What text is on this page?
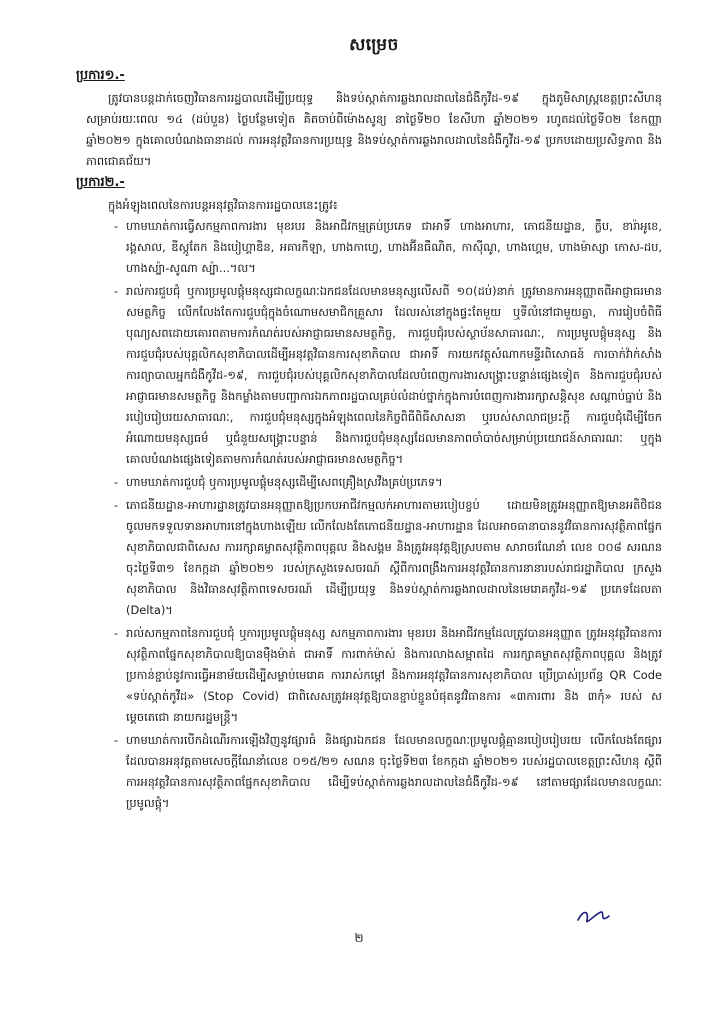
សម្រេច
ប្រការ១.-

ត្រូវបានបន្តដាក់ចេញវិធានការរដ្ឋបាលដើម្បីប្រយុទ្ធ និងទប់ស្កាត់ការឆ្លងរាលដាលនៃជំងឺកូវីដ-១៩ ក្នុងភូមិសាស្ត្រខេត្តព្រះសីហនុ សម្រាប់រយៈពេល ១៤ (ដប់បួន) ថ្ងៃបន្ថែមទៀត គិតចាប់ពីម៉ោងសូន្យ នាថ្ងៃទី២០ ខែសីហា ឆ្នាំ២០២១ រហូតដល់ថ្ងៃទី០២ ខែកញ្ញា ឆ្នាំ២០២១ ក្នុងគោលបំណងធានាដល់ ការអនុវត្តវិធានការប្រយុទ្ធ និងទប់ស្កាត់ការឆ្លងរាលដាលនៃជំងឺកូវីដ-១៩ ប្រកបដោយប្រសិទ្ធភាព និងភាពជោគជ័យ។

ប្រការ២.-
ក្នុងអំឡុងពេលនៃការបន្តអនុវត្តវិធានការរដ្ឋបាលនេះត្រូវ៖
- ហាមឃាត់ការធ្វើសកម្មភាពការងារ មុខរបរ និងអាជីវកម្មគ្រប់ប្រភេទ ជាអាទិ៍ ហាងអាហារ, ភោជនីយដ្ឋាន, ក្លឹប, ខារ៉ាអូខេ, រង្គសាល, ឌីស្កូតែក និងបៀហ្គាឌិន, អគារកីឡា, ហាងកាហ្វេ, ហាងអ៊ីនធឺណិត, កាស៊ីណូ, ហាងហ្គេម, ហាងម៉ាស្សា កោស-ដប, ហាងស្ប៉ា-សូណា ស្ប៉ា...។ល។
- រាល់ការជួបជុំ ឬការប្រមូលផ្តុំមនុស្សជាលក្ខណៈឯកជនដែលមានមនុស្សលើសពី ១០(ដប់)នាក់ ត្រូវមានការអនុញ្ញាតពីអាជ្ញាធរមានសមត្ថកិច្ច លើកលែងតែការជួបជុំក្នុងចំណោមសមាជិកគ្រួសារ ដែលរស់នៅក្នុងផ្ទះតែមួយ ឬទីលំនៅជាមួយគ្នា, ការរៀបចំពិធីបុណ្យសពដោយគោរពតាមការកំណត់របស់អាជ្ញាធរមានសមត្ថកិច្ច, ការជួបជុំរបស់ស្ថាប័នសាធារណៈ, ការប្រមូលផ្តុំមនុស្ស និងការជួបជុំរបស់បុគ្គលិកសុខាភិបាលដើម្បីអនុវត្តវិធានការសុខាភិបាល ជាអាទិ៍ ការយកវត្ថុសំណាកមន្ទីរពិសោធន៍ ការចាក់វ៉ាក់សាំង ការព្យាបាលអ្នកជំងឺកូវីដ-១៩, ការជួបជុំរបស់បុគ្គលិកសុខាភិបាលដែលបំពេញការងារសង្គ្រោះបន្ទាន់ផ្សេងទៀត និងការជួបជុំរបស់អាជ្ញាធរមានសមត្ថកិច្ច និងកម្លាំងតាមបញ្ជាការឯកភាពរដ្ឋបាលគ្រប់លំដាប់ថ្នាក់ក្នុងការបំពេញការងាររក្សាសន្តិសុខ សណ្តាប់ធ្នាប់ និងរបៀបរៀបរយសាធារណៈ, ការជួបជុំមនុស្សក្នុងអំឡុងពេលនៃកិច្ចពិធីពិធីសាសនា ឬរបស់សាលាជម្រះក្តី ការជួបជុំដើម្បីចែកអំណោយមនុស្សធម៌ ឬជំនួយសង្គ្រោះបន្ទាន់ និងការជួបជុំមនុស្សដែលមានភាពចាំបាច់សម្រាប់ប្រយោជន៍សាធារណៈ ឬក្នុងគោលបំណងផ្សេងទៀតតាមការកំណត់របស់អាជ្ញាធរមានសមត្ថកិច្ច។
- ហាមឃាត់ការជួបជុំ ឬការប្រមូលផ្តុំមនុស្សដើម្បីសេពគ្រឿងស្រវឹងគ្រប់ប្រភេទ។
- ភោជនីយដ្ឋាន-អាហារដ្ឋានត្រូវបានអនុញ្ញាតឱ្យប្រកបអាជីវកម្មលក់អាហារតាមរបៀបខ្ចប់ ដោយមិនត្រូវអនុញ្ញាតឱ្យមានអតិថិជនចូលមកទទួលទានអាហារនៅក្នុងហាងឡើយ លើកលែងតែភោជនីយដ្ឋាន-អាហារដ្ឋាន ដែលអាចធានាបាននូវវិធានការសុវត្ថិភាពផ្នែកសុខាភិបាលជាពិសេស ការរក្សាគម្លាតសុវត្ថិភាពបុគ្គល និងសង្គម និងត្រូវអនុវត្តឱ្យស្របតាម សារាចរណែនាំ លេខ ០០៨ សរណន ចុះថ្ងៃទី៣១ ខែកក្កដា ឆ្នាំ២០២១ របស់ក្រសួងទេសចរណ៍ ស្តីពីការពង្រឹងការអនុវត្តវិធានការនានារបស់រាជរដ្ឋាភិបាល ក្រសួងសុខាភិបាល និងវិធានសុវត្ថិភាពទេសចរណ៍ ដើម្បីប្រយុទ្ធ និងទប់ស្កាត់ការឆ្លងរាលដាលនៃមេរោគកូវីដ-១៩ ប្រភេទដែលតា (Delta)។
- រាល់សកម្មភាពនៃការជួបជុំ ឬការប្រមូលផ្តុំមនុស្ស សកម្មភាពការងារ មុខរបរ និងអាជីវកម្មដែលត្រូវបានអនុញ្ញាត ត្រូវអនុវត្តវិធានការសុវត្ថិភាពផ្នែកសុខាភិបាលឱ្យបានម៉ឺងម៉ាត់ ជាអាទិ៍ ការពាក់ម៉ាស់ និងការលាងសម្អាតដៃ ការរក្សាគម្លាតសុវត្ថិភាពបុគ្គល និងត្រូវប្រកាន់ខ្ជាប់នូវការធ្វើអនាម័យដើម្បីសម្លាប់មេរោគ ការរាស់កម្តៅ និងការអនុវត្តវិធានការសុខាភិបាល ប្រើប្រាស់ប្រព័ន្ធ QR Code «ទប់ស្កាត់កូវីដ» (Stop Covid) ជាពិសេសត្រូវអនុវត្តឱ្យបានខ្ជាប់ខ្ជួនបំផុតនូវវិធានការ «៣ការពារ និង ៣កុំ» របស់ សម្តេចតេជោ នាយករដ្ឋមន្ត្រី។
- ហាមឃាត់ការបើកដំណើរការឡើងវិញនូវផ្សារធំ និងផ្សារឯកជន ដែលមានលក្ខណៈប្រមូលផ្តុំគ្មានរបៀបរៀបរយ លើកលែងតែផ្សារដែលបានអនុវត្តតាមសេចក្តីណែនាំលេខ ០១៥/២១ សណន ចុះថ្ងៃទី២៣ ខែកក្កដា ឆ្នាំ២០២១ របស់រដ្ឋបាលខេត្តព្រះសីហនុ ស្តីពីការអនុវត្តវិធានការសុវត្ថិភាពផ្នែកសុខាភិបាល ដើម្បីទប់ស្កាត់ការឆ្លងរាលដាលនៃជំងឺកូវីដ-១៩ នៅតាមផ្សារដែលមានលក្ខណៈប្រមូលផ្តុំ។
២
